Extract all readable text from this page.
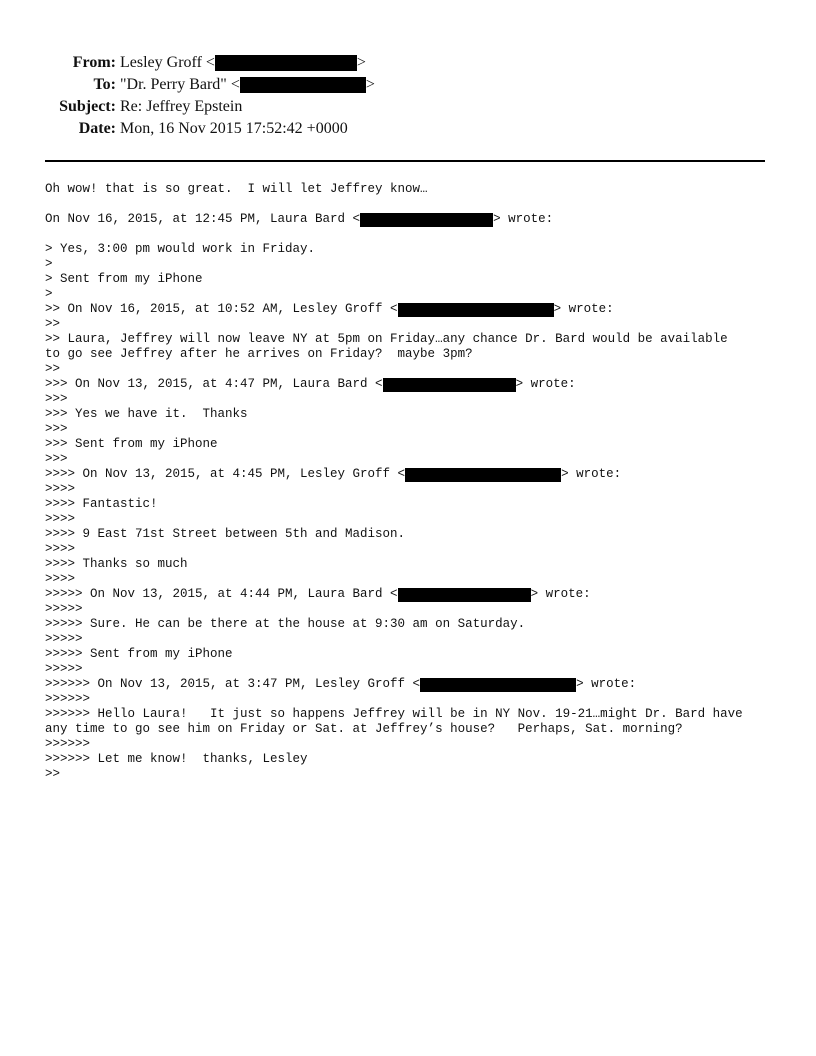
From: Lesley Groff <	>
To: "Dr. Perry Bard" <	>
Subject: Re: Jeffrey Epstein
Date: Mon, 16 Nov 2015 17:52:42 +0000
Oh wow! that is so great.  I will let Jeffrey know…
On Nov 16, 2015, at 12:45 PM, Laura Bard <	> wrote:
> Yes, 3:00 pm would work in Friday.
>
> Sent from my iPhone
>
>> On Nov 16, 2015, at 10:52 AM, Lesley Groff <	> wrote:
>>
>> Laura, Jeffrey will now leave NY at 5pm on Friday…any chance Dr. Bard would be available
to go see Jeffrey after he arrives on Friday?  maybe 3pm?
>>
>>> On Nov 13, 2015, at 4:47 PM, Laura Bard <	> wrote:
>>>
>>> Yes we have it.  Thanks
>>>
>>> Sent from my iPhone
>>>
>>>> On Nov 13, 2015, at 4:45 PM, Lesley Groff <	> wrote:
>>>>
>>>> Fantastic!
>>>>
>>>> 9 East 71st Street between 5th and Madison.
>>>>
>>>> Thanks so much
>>>>
>>>>> On Nov 13, 2015, at 4:44 PM, Laura Bard <	> wrote:
>>>>>
>>>>> Sure. He can be there at the house at 9:30 am on Saturday.
>>>>>
>>>>> Sent from my iPhone
>>>>>
>>>>>> On Nov 13, 2015, at 3:47 PM, Lesley Groff <	> wrote:
>>>>>>
>>>>>> Hello Laura!   It just so happens Jeffrey will be in NY Nov. 19-21…might Dr. Bard have
any time to go see him on Friday or Sat. at Jeffrey’s house?   Perhaps, Sat. morning?
>>>>>>
>>>>>> Let me know!  thanks, Lesley
>>
